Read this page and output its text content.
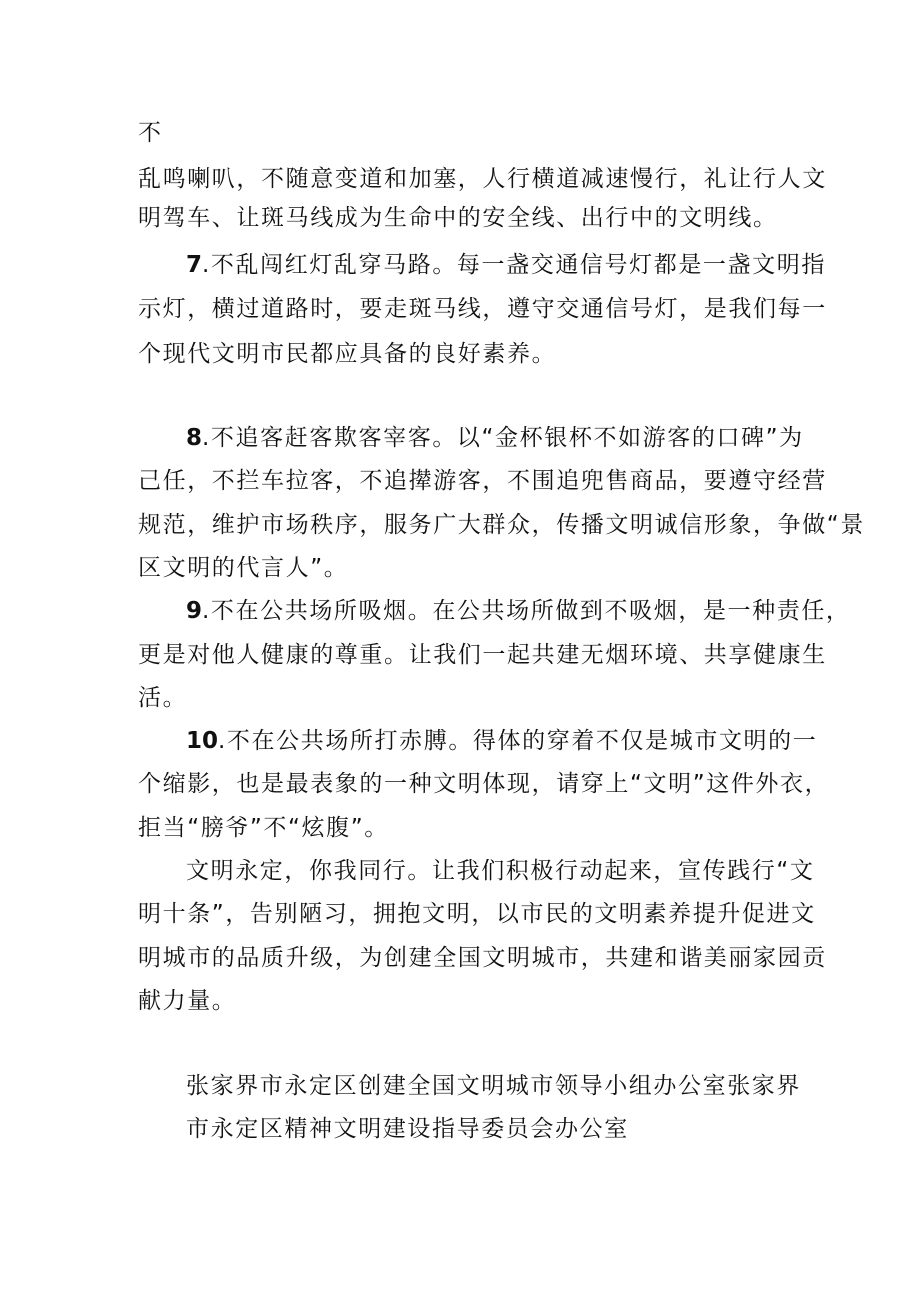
不
乱鸣喇叭，不随意变道和加塞，人行横道减速慢行，礼让行人文
明驾车、让斑马线成为生命中的安全线、出行中的文明线。
7.不乱闯红灯乱穿马路。每一盏交通信号灯都是一盏文明指
示灯，横过道路时，要走斑马线，遵守交通信号灯，是我们每一
个现代文明市民都应具备的良好素养。
8.不追客赶客欺客宰客。以“金杯银杯不如游客的口碑”为
己任，不拦车拉客，不追撵游客，不围追兜售商品，要遵守经营
规范，维护市场秩序，服务广大群众，传播文明诚信形象，争做“景
区文明的代言人”。
9.不在公共场所吸烟。在公共场所做到不吸烟，是一种责任，
更是对他人健康的尊重。让我们一起共建无烟环境、共享健康生
活。
10.不在公共场所打赤膊。得体的穿着不仅是城市文明的一
个缩影，也是最表象的一种文明体现，请穿上“文明”这件外衣，
拒当“膀爷”不“炫腹”。
文明永定，你我同行。让我们积极行动起来，宣传践行“文
明十条”，告别陋习，拥抱文明，以市民的文明素养提升促进文
明城市的品质升级，为创建全国文明城市，共建和谐美丽家园贡
献力量。
张家界市永定区创建全国文明城市领导小组办公室张家界
市永定区精神文明建设指导委员会办公室
